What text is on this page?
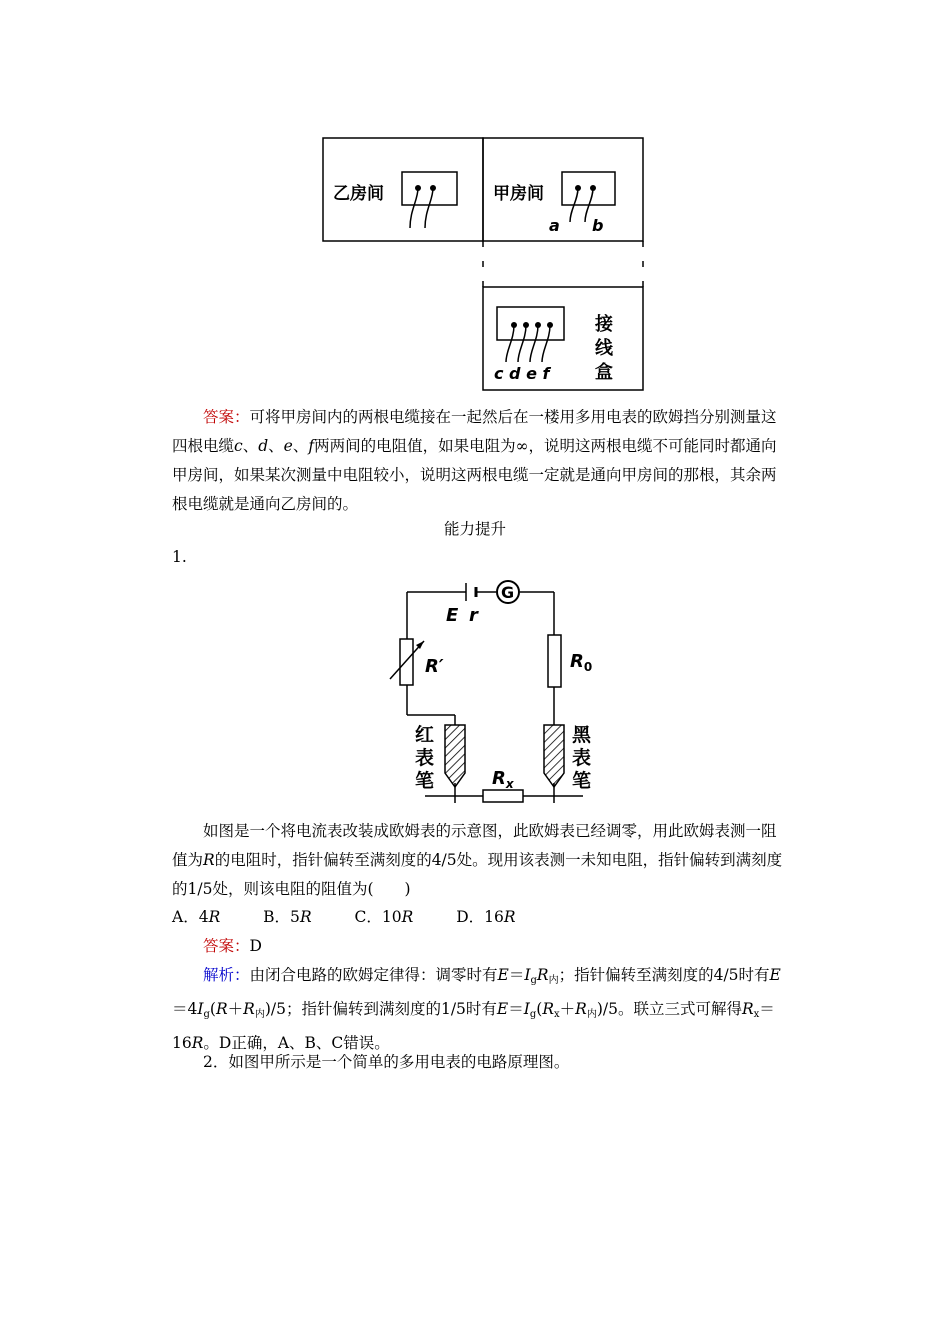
乙房间	甲房间
a b
c d e f
接
线
盒
答案：可将甲房间内的两根电缆接在一起然后在一楼用多用电表的欧姆挡分别测量这四根电缆c、d、e、f两两间的电阻值，如果电阻为∞，说明这两根电缆不可能同时都通向甲房间，如果某次测量中电阻较小，说明这两根电缆一定就是通向甲房间的那根，其余两根电缆就是通向乙房间的。
能力提升
1.
G
E r
R′	$R_0$
$R_x$
红
表
笔
黑
表
笔
如图是一个将电流表改装成欧姆表的示意图，此欧姆表已经调零，用此欧姆表测一阻值为R的电阻时，指针偏转至满刻度的4/5处。现用该表测一未知电阻，指针偏转到满刻度的1/5处，则该电阻的阻值为(　　)
A．4R	B．5R	C．10R	D．16R
答案：D
解析：由闭合电路的欧姆定律得：调零时有$E=I_gR_内$；指针偏转至满刻度的4/5时有$E=4I_g(R+R_内)/5$；指针偏转到满刻度的1/5时有$E=I_g(R_x+R_内)/5$。联立三式可解得$R_x=16R$。D正确，A、B、C错误。
2．如图甲所示是一个简单的多用电表的电路原理图。
